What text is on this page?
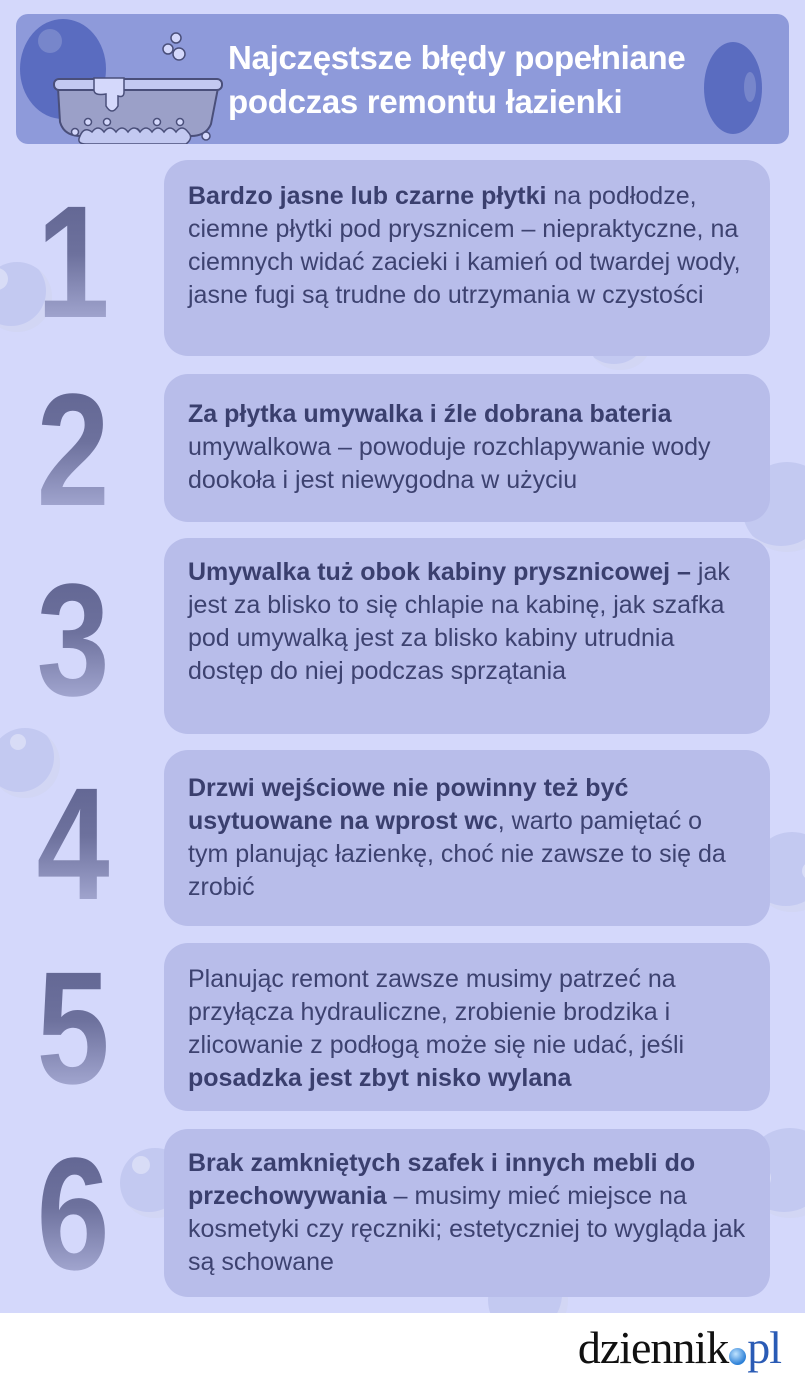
Najczęstsze błędy popełniane
podczas remontu łazienki
1	Bardzo jasne lub czarne płytki na podłodze, ciemne płytki pod prysznicem – niepraktyczne, na ciemnych widać zacieki i kamień od twardej wody, jasne fugi są trudne do utrzymania w czystości
2	Za płytka umywalka i źle dobrana bateria umywalkowa – powoduje rozchlapywanie wody dookoła i jest niewygodna w użyciu
3	Umywalka tuż obok kabiny prysznicowej – jak jest za blisko to się chlapie na kabinę, jak szafka pod umywalką jest za blisko kabiny utrudnia dostęp do niej podczas sprzątania
4	Drzwi wejściowe nie powinny też być usytuowane na wprost wc, warto pamiętać o tym planując łazienkę, choć nie zawsze to się da zrobić
5	Planując remont zawsze musimy patrzeć na przyłącza hydrauliczne, zrobienie brodzika i zlicowanie z podłogą może się nie udać, jeśli posadzka jest zbyt nisko wylana
6	Brak zamkniętych szafek i innych mebli do przechowywania – musimy mieć miejsce na kosmetyki czy ręczniki; estetyczniej to wygląda jak są schowane
dziennik pl
